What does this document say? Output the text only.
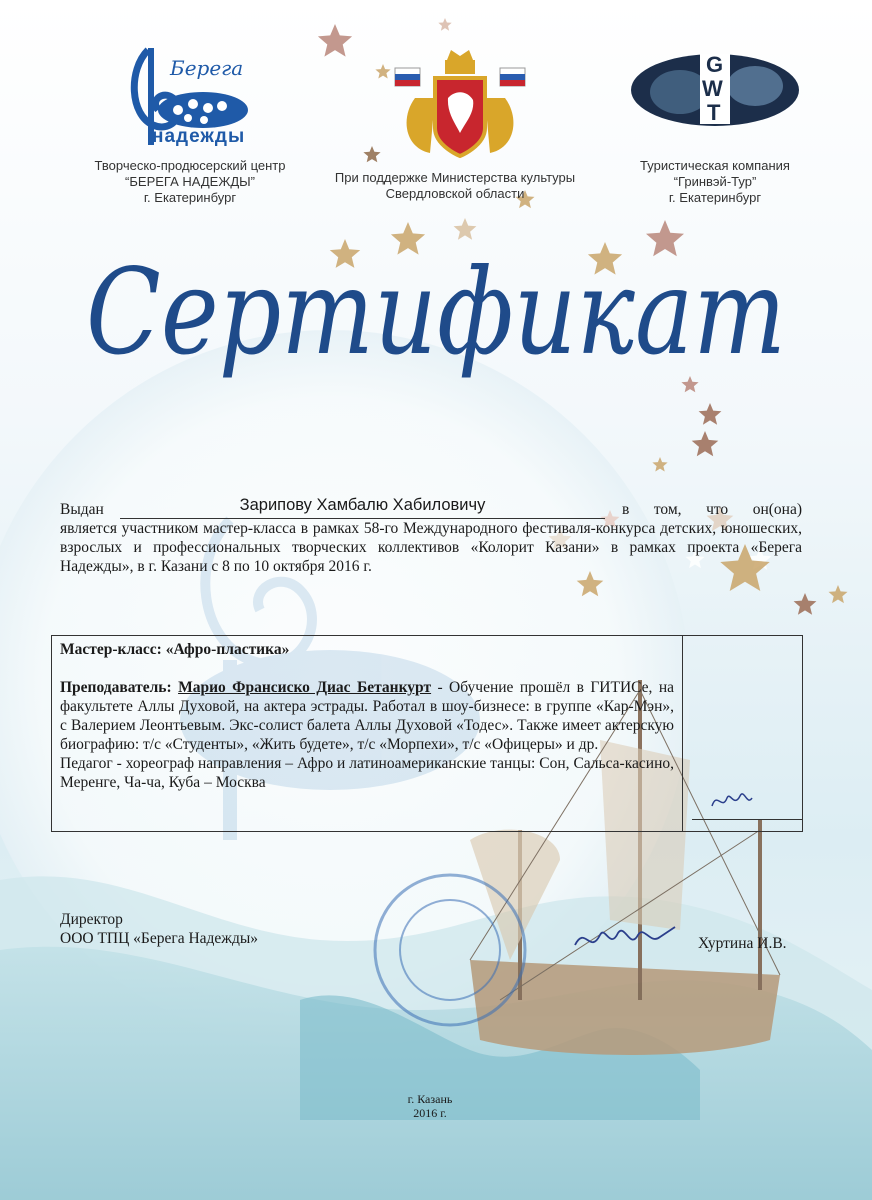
Берега
надежды
Творческо-продюсерский центр
“БЕРЕГА НАДЕЖДЫ”
г. Екатеринбург
При поддержке Министерства культуры
Свердловской области
G
W
T
Туристическая компания
“Гринвэй-Тур”
г. Екатеринбург
Сертификат
Выдан	Зарипову Хамбалю Хабиловичу	в том, что он(она)
является участником мастер-класса в рамках 58-го Международного фестиваля-конкурса детских, юношеских, взрослых и профессиональных творческих коллективов «Колорит Казани» в рамках проекта «Берега Надежды», в г. Казани с 8 по 10 октября 2016 г.

Мастер-класс: «Афро-пластика»

Преподаватель: Марио Франсиско Диас Бетанкурт - Обучение прошёл в ГИТИСе, на факультете Аллы Духовой, на актера эстрады. Работал в шоу-бизнесе: в группе «Кар-Мэн», с Валерием Леонтьевым. Экс-солист балета Аллы Духовой «Тодес». Также имеет актерскую биографию: т/с «Студенты», «Жить будете», т/с «Морпехи», т/с «Офицеры» и др.

Педагог - хореограф направления – Афро и латиноамериканские танцы: Сон, Сальса-касино, Меренге, Ча-ча, Куба – Москва

Директор
ООО ТПЦ «Берега Надежды»	Хуртина И.В.
г. Казань
2016 г.
